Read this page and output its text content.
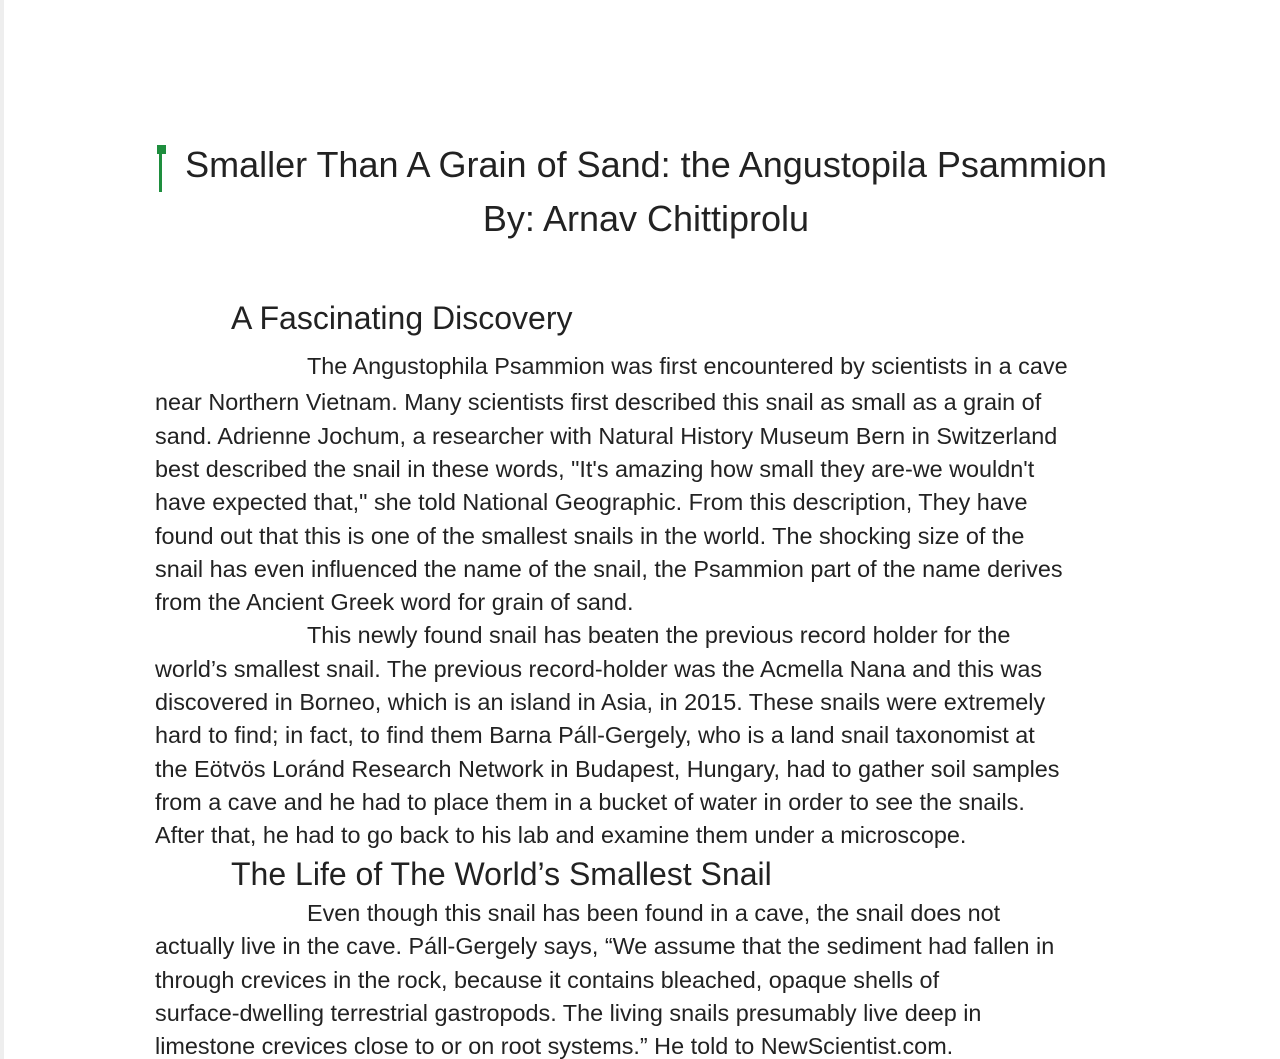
Smaller Than A Grain of Sand: the Angustopila Psammion
By: Arnav Chittiprolu
A Fascinating Discovery
The Angustophila Psammion was first encountered by scientists in a cave
near Northern Vietnam. Many scientists first described this snail as small as a grain of
sand. Adrienne Jochum, a researcher with Natural History Museum Bern in Switzerland
best described the snail in these words, "It's amazing how small they are-we wouldn't
have expected that," she told National Geographic. From this description, They have
found out that this is one of the smallest snails in the world. The shocking size of the
snail has even influenced the name of the snail, the Psammion part of the name derives
from the Ancient Greek word for grain of sand.
This newly found snail has beaten the previous record holder for the
world’s smallest snail. The previous record-holder was the Acmella Nana and this was
discovered in Borneo, which is an island in Asia, in 2015. These snails were extremely
hard to find; in fact, to find them Barna Páll-Gergely, who is a land snail taxonomist at
the Eötvös Loránd Research Network in Budapest, Hungary, had to gather soil samples
from a cave and he had to place them in a bucket of water in order to see the snails.
After that, he had to go back to his lab and examine them under a microscope.
The Life of The World’s Smallest Snail
Even though this snail has been found in a cave, the snail does not
actually live in the cave. Páll-Gergely says, “We assume that the sediment had fallen in
through crevices in the rock, because it contains bleached, opaque shells of
surface-dwelling terrestrial gastropods. The living snails presumably live deep in
limestone crevices close to or on root systems.” He told to NewScientist.com.
